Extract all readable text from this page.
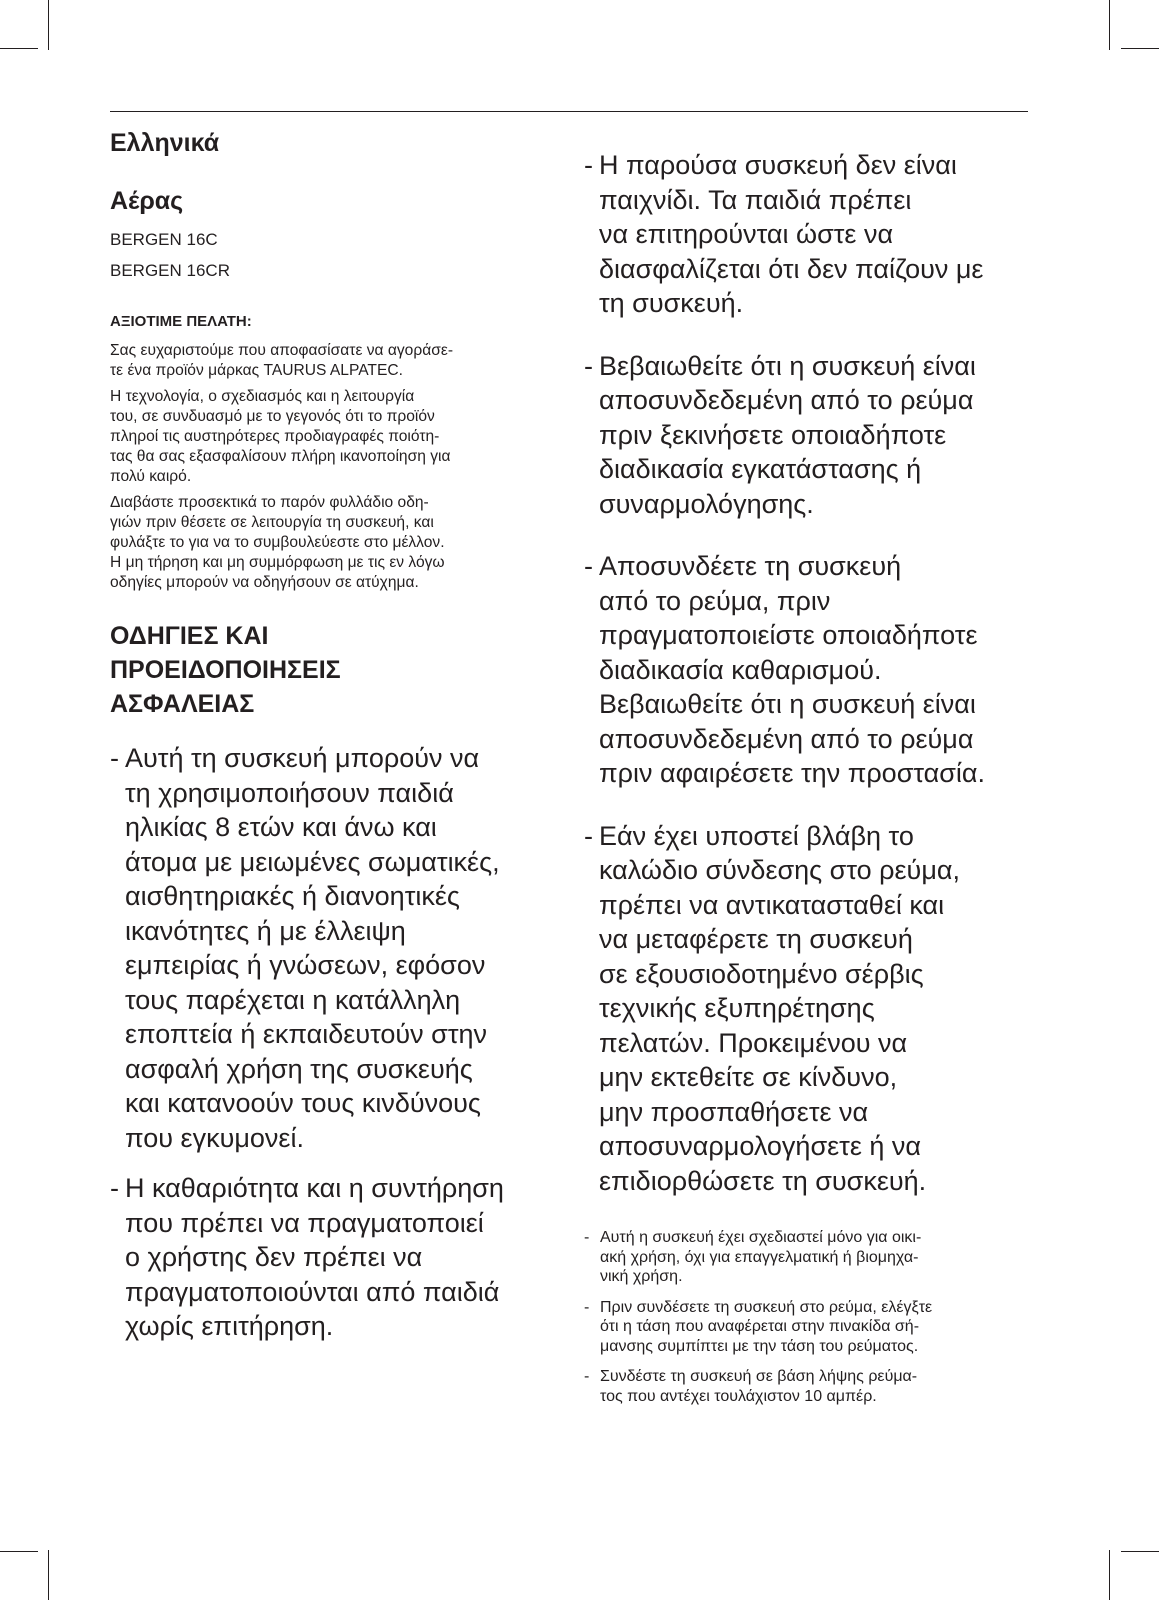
Ελληνικά
Αέρας
BERGEN 16C
BERGEN 16CR
ΑΞΙΟΤΙΜΕ ΠΕΛΑΤΗ:

Σας ευχαριστούμε που αποφασίσατε να αγοράσε-
τε ένα προϊόν μάρκας TAURUS ALPATEC.

Η τεχνολογία, ο σχεδιασμός και η λειτουργία
του, σε συνδυασμό με το γεγονός ότι το προϊόν
πληροί τις αυστηρότερες προδιαγραφές ποιότη-
τας θα σας εξασφαλίσουν πλήρη ικανοποίηση για
πολύ καιρό.

Διαβάστε προσεκτικά το παρόν φυλλάδιο οδη-
γιών πριν θέσετε σε λειτουργία τη συσκευή, και
φυλάξτε το για να το συμβουλεύεστε στο μέλλον.
Η μη τήρηση και μη συμμόρφωση με τις εν λόγω
οδηγίες μπορούν να οδηγήσουν σε ατύχημα.

ΟΔΗΓΙΕΣ ΚΑΙ
ΠΡΟΕΙΔΟΠΟΙΗΣΕΙΣ
ΑΣΦΑΛΕΙΑΣ
- Αυτή τη συσκευή μπορούν να
τη χρησιμοποιήσουν παιδιά
ηλικίας 8 ετών και άνω και
άτομα με μειωμένες σωματικές,
αισθητηριακές ή διανοητικές
ικανότητες ή με έλλειψη
εμπειρίας ή γνώσεων, εφόσον
τους παρέχεται η κατάλληλη
εποπτεία ή εκπαιδευτούν στην
ασφαλή χρήση της συσκευής
και κατανοούν τους κινδύνους
που εγκυμονεί.
- Η καθαριότητα και η συντήρηση
που πρέπει να πραγματοποιεί
ο χρήστης δεν πρέπει να
πραγματοποιούνται από παιδιά
χωρίς επιτήρηση.
- Η παρούσα συσκευή δεν είναι
παιχνίδι. Τα παιδιά πρέπει
να επιτηρούνται ώστε να
διασφαλίζεται ότι δεν παίζουν με
τη συσκευή.
- Βεβαιωθείτε ότι η συσκευή είναι
αποσυνδεδεμένη από το ρεύμα
πριν ξεκινήσετε οποιαδήποτε
διαδικασία εγκατάστασης ή
συναρμολόγησης.
- Αποσυνδέετε τη συσκευή
από το ρεύμα, πριν
πραγματοποιείστε οποιαδήποτε
διαδικασία καθαρισμού.
Βεβαιωθείτε ότι η συσκευή είναι
αποσυνδεδεμένη από το ρεύμα
πριν αφαιρέσετε την προστασία.
- Εάν έχει υποστεί βλάβη το
καλώδιο σύνδεσης στο ρεύμα,
πρέπει να αντικατασταθεί και
να μεταφέρετε τη συσκευή
σε εξουσιοδοτημένο σέρβις
τεχνικής εξυπηρέτησης
πελατών. Προκειμένου να
μην εκτεθείτε σε κίνδυνο,
μην προσπαθήσετε να
αποσυναρμολογήσετε ή να
επιδιορθώσετε τη συσκευή.
- Αυτή η συσκευή έχει σχεδιαστεί μόνο για οικι-
ακή χρήση, όχι για επαγγελματική ή βιομηχα-
νική χρήση.
- Πριν συνδέσετε τη συσκευή στο ρεύμα, ελέγξτε
ότι η τάση που αναφέρεται στην πινακίδα σή-
μανσης συμπίπτει με την τάση του ρεύματος.
- Συνδέστε τη συσκευή σε βάση λήψης ρεύμα-
τος που αντέχει τουλάχιστον 10 αμπέρ.
